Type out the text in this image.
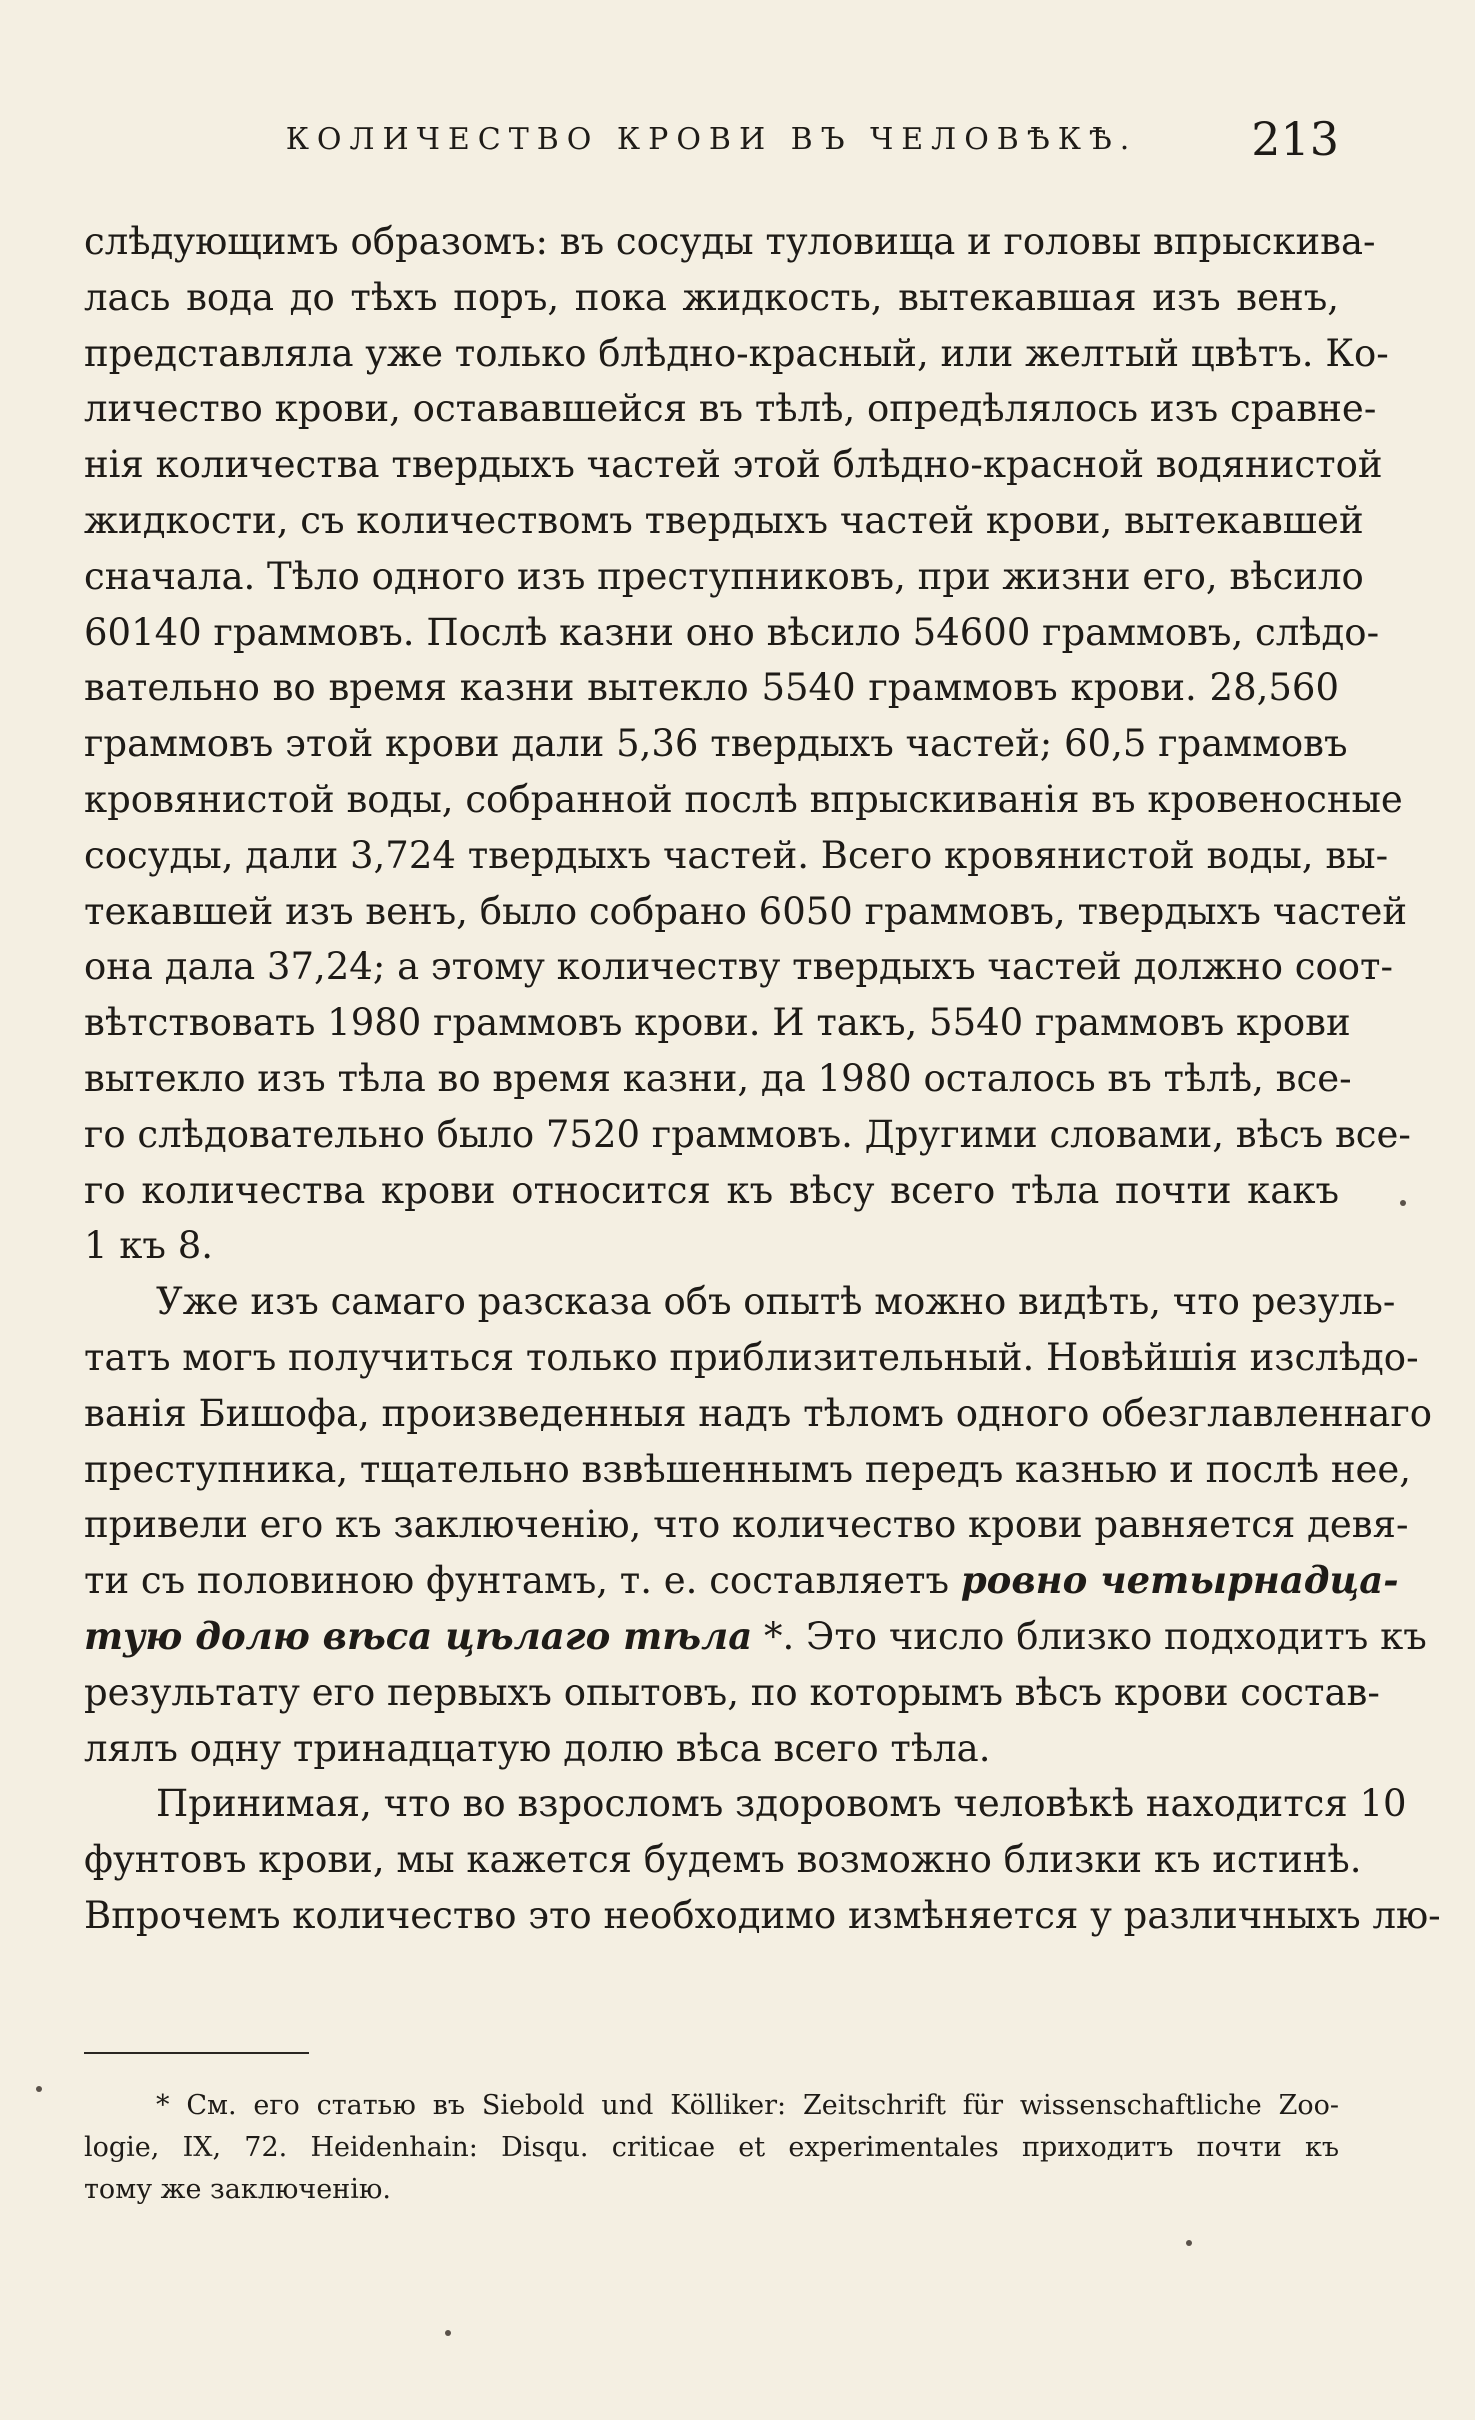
КОЛИЧЕСТВО КРОВИ ВЪ ЧЕЛОВѢКѢ.	213
слѣдующимъ образомъ: въ сосуды туловища и головы впрыскива-
лась вода до тѣхъ поръ, пока жидкость, вытекавшая изъ венъ,
представляла уже только блѣдно-красный, или желтый цвѣтъ. Ко-
личество крови, остававшейся въ тѣлѣ, опредѣлялось изъ сравне-
нія количества твердыхъ частей этой блѣдно-красной водянистой
жидкости, съ количествомъ твердыхъ частей крови, вытекавшей
сначала. Тѣло одного изъ преступниковъ, при жизни его, вѣсило
60140 граммовъ. Послѣ казни оно вѣсило 54600 граммовъ, слѣдо-
вательно во время казни вытекло 5540 граммовъ крови. 28,560
граммовъ этой крови дали 5,36 твердыхъ частей; 60,5 граммовъ
кровянистой воды, собранной послѣ впрыскиванія въ кровеносные
сосуды, дали 3,724 твердыхъ частей. Всего кровянистой воды, вы-
текавшей изъ венъ, было собрано 6050 граммовъ, твердыхъ частей
она дала 37,24; а этому количеству твердыхъ частей должно соот-
вѣтствовать 1980 граммовъ крови. И такъ, 5540 граммовъ крови
вытекло изъ тѣла во время казни, да 1980 осталось въ тѣлѣ, все-
го слѣдовательно было 7520 граммовъ. Другими словами, вѣсъ все-
го количества крови относится къ вѣсу всего тѣла почти какъ
1 къ 8.
Уже изъ самаго разсказа объ опытѣ можно видѣть, что резуль-
татъ могъ получиться только приблизительный. Новѣйшія изслѣдо-
ванія Бишофа, произведенныя надъ тѣломъ одного обезглавленнаго
преступника, тщательно взвѣшеннымъ передъ казнью и послѣ нее,
привели его къ заключенію, что количество крови равняется девя-
ти съ половиною фунтамъ, т. е. составляетъ ровно четырнадца-
тую долю вѣса цѣлаго тѣла *. Это число близко подходитъ къ
результату его первыхъ опытовъ, по которымъ вѣсъ крови состав-
лялъ одну тринадцатую долю вѣса всего тѣла.
Принимая, что во взросломъ здоровомъ человѣкѣ находится 10
фунтовъ крови, мы кажется будемъ возможно близки къ истинѣ.
Впрочемъ количество это необходимо измѣняется у различныхъ лю-
* См. его статью въ Siebold und Kölliker: Zeitschrift für wissenschaftliche Zoo-
logie, IX, 72. Heidenhain: Disqu. criticae et experimentales приходитъ почти къ
тому же заключенію.
